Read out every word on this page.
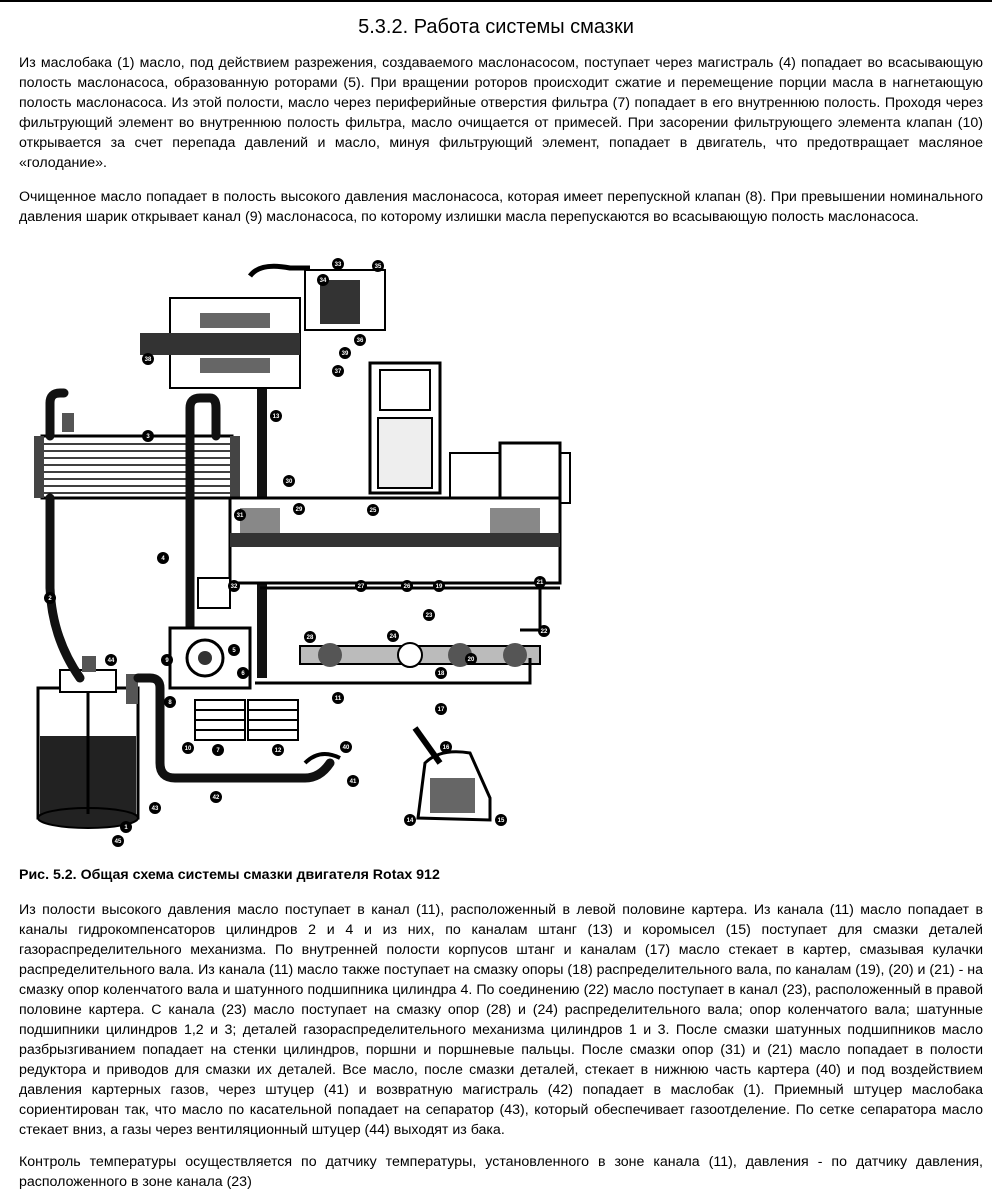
5.3.2. Работа системы смазки

Из маслобака (1) масло, под действием разрежения, создаваемого маслонасосом, поступает через магистраль (4) попадает во всасывающую полость маслонасоса, образованную роторами (5). При вращении роторов происходит сжатие и перемещение порции масла в нагнетающую полость маслонасоса. Из этой полости, масло через периферийные отверстия фильтра (7) попадает в его внутреннюю полость. Проходя через фильтрующий элемент во внутреннюю полость фильтра, масло очищается от примесей. При засорении фильтрующего элемента клапан (10) открывается за счет перепада давлений и масло, минуя фильтрующий элемент, попадает в двигатель, что предотвращает масляное «голодание».

Очищенное масло попадает в полость высокого давления маслонасоса, которая имеет перепускной клапан (8). При превышении номинального давления шарик открывает канал (9) маслонасоса, по которому излишки масла перепускаются во всасывающую полость маслонасоса.

1
2
3
4
5
6
7
8
9
10
11
12
13
14	15
16
17
18
19
20
21
22
23
24
25
26
27
28
29
30
31
32
33
34
35
36
37
38
39
40
41
42
43
44
45

Рис. 5.2. Общая схема системы смазки двигателя Rotax 912

Из полости высокого давления масло поступает в канал (11), расположенный в левой половине картера. Из канала (11) масло попадает в каналы гидрокомпенсаторов цилиндров 2 и 4 и из них, по каналам штанг (13) и коромысел (15) поступает для смазки деталей газораспределительного механизма. По внутренней полости корпусов штанг и каналам (17) масло стекает в картер, смазывая кулачки распределительного вала. Из канала (11) масло также поступает на смазку опоры (18) распределительного вала, по каналам (19), (20) и (21) - на смазку опор коленчатого вала и шатунного подшипника цилиндра 4. По соединению (22) масло поступает в канал (23), расположенный в правой половине картера. С канала (23) масло поступает на смазку опор (28) и (24) распределительного вала; опор коленчатого вала; шатунные подшипники цилиндров 1,2 и 3; деталей газораспределительного механизма цилиндров 1 и 3. После смазки шатунных подшипников масло разбрызгиванием попадает на стенки цилиндров, поршни и поршневые пальцы. После смазки опор (31) и (21) масло попадает в полости редуктора и приводов для смазки их деталей. Все масло, после смазки деталей, стекает в нижнюю часть картера (40) и под воздействием давления картерных газов, через штуцер (41) и возвратную магистраль (42) попадает в маслобак (1). Приемный штуцер маслобака сориентирован так, что масло по касательной попадает на сепаратор (43), который обеспечивает газоотделение. По сетке сепаратора масло стекает вниз, а газы через вентиляционный штуцер (44) выходят из бака.

Контроль температуры осуществляется по датчику температуры, установленного в зоне канала (11), давления - по датчику давления, расположенного в зоне канала (23)
